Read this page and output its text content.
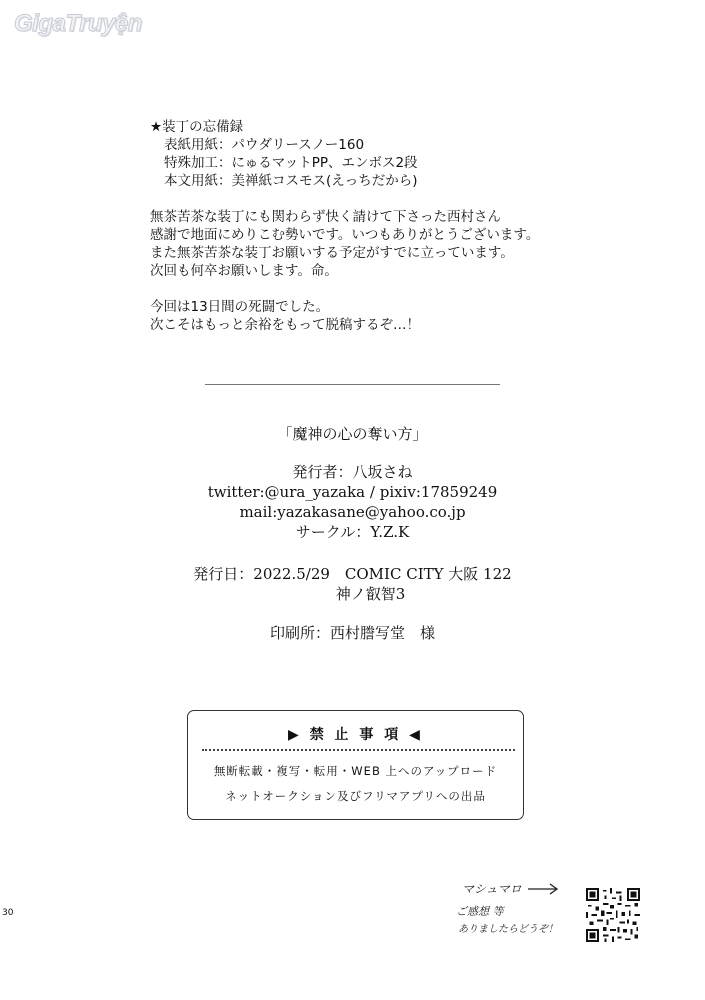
GigaTruyện
★装丁の忘備録
表紙用紙：パウダリースノー160
特殊加工：にゅるマットPP、エンボス2段
本文用紙：美禅紙コスモス(えっちだから)
無茶苦茶な装丁にも関わらず快く請けて下さった西村さん
感謝で地面にめりこむ勢いです。いつもありがとうございます。
また無茶苦茶な装丁お願いする予定がすでに立っています。
次回も何卒お願いします。命。
今回は13日間の死闘でした。
次こそはもっと余裕をもって脱稿するぞ…！
「魔神の心の奪い方」
発行者：八坂さね
twitter:@ura_yazaka / pixiv:17859249
mail:yazakasane@yahoo.co.jp
サークル：Y.Z.K
発行日：2022.5/29　COMIC CITY 大阪 122
神ノ叡智3
印刷所：西村謄写堂　様
▶ 禁 止 事 項 ◀
無断転載・複写・転用・WEB 上へのアップロード
ネットオークション及びフリマアプリへの出品
30
マシュマロ
ご感想 等
ありましたらどうぞ！
